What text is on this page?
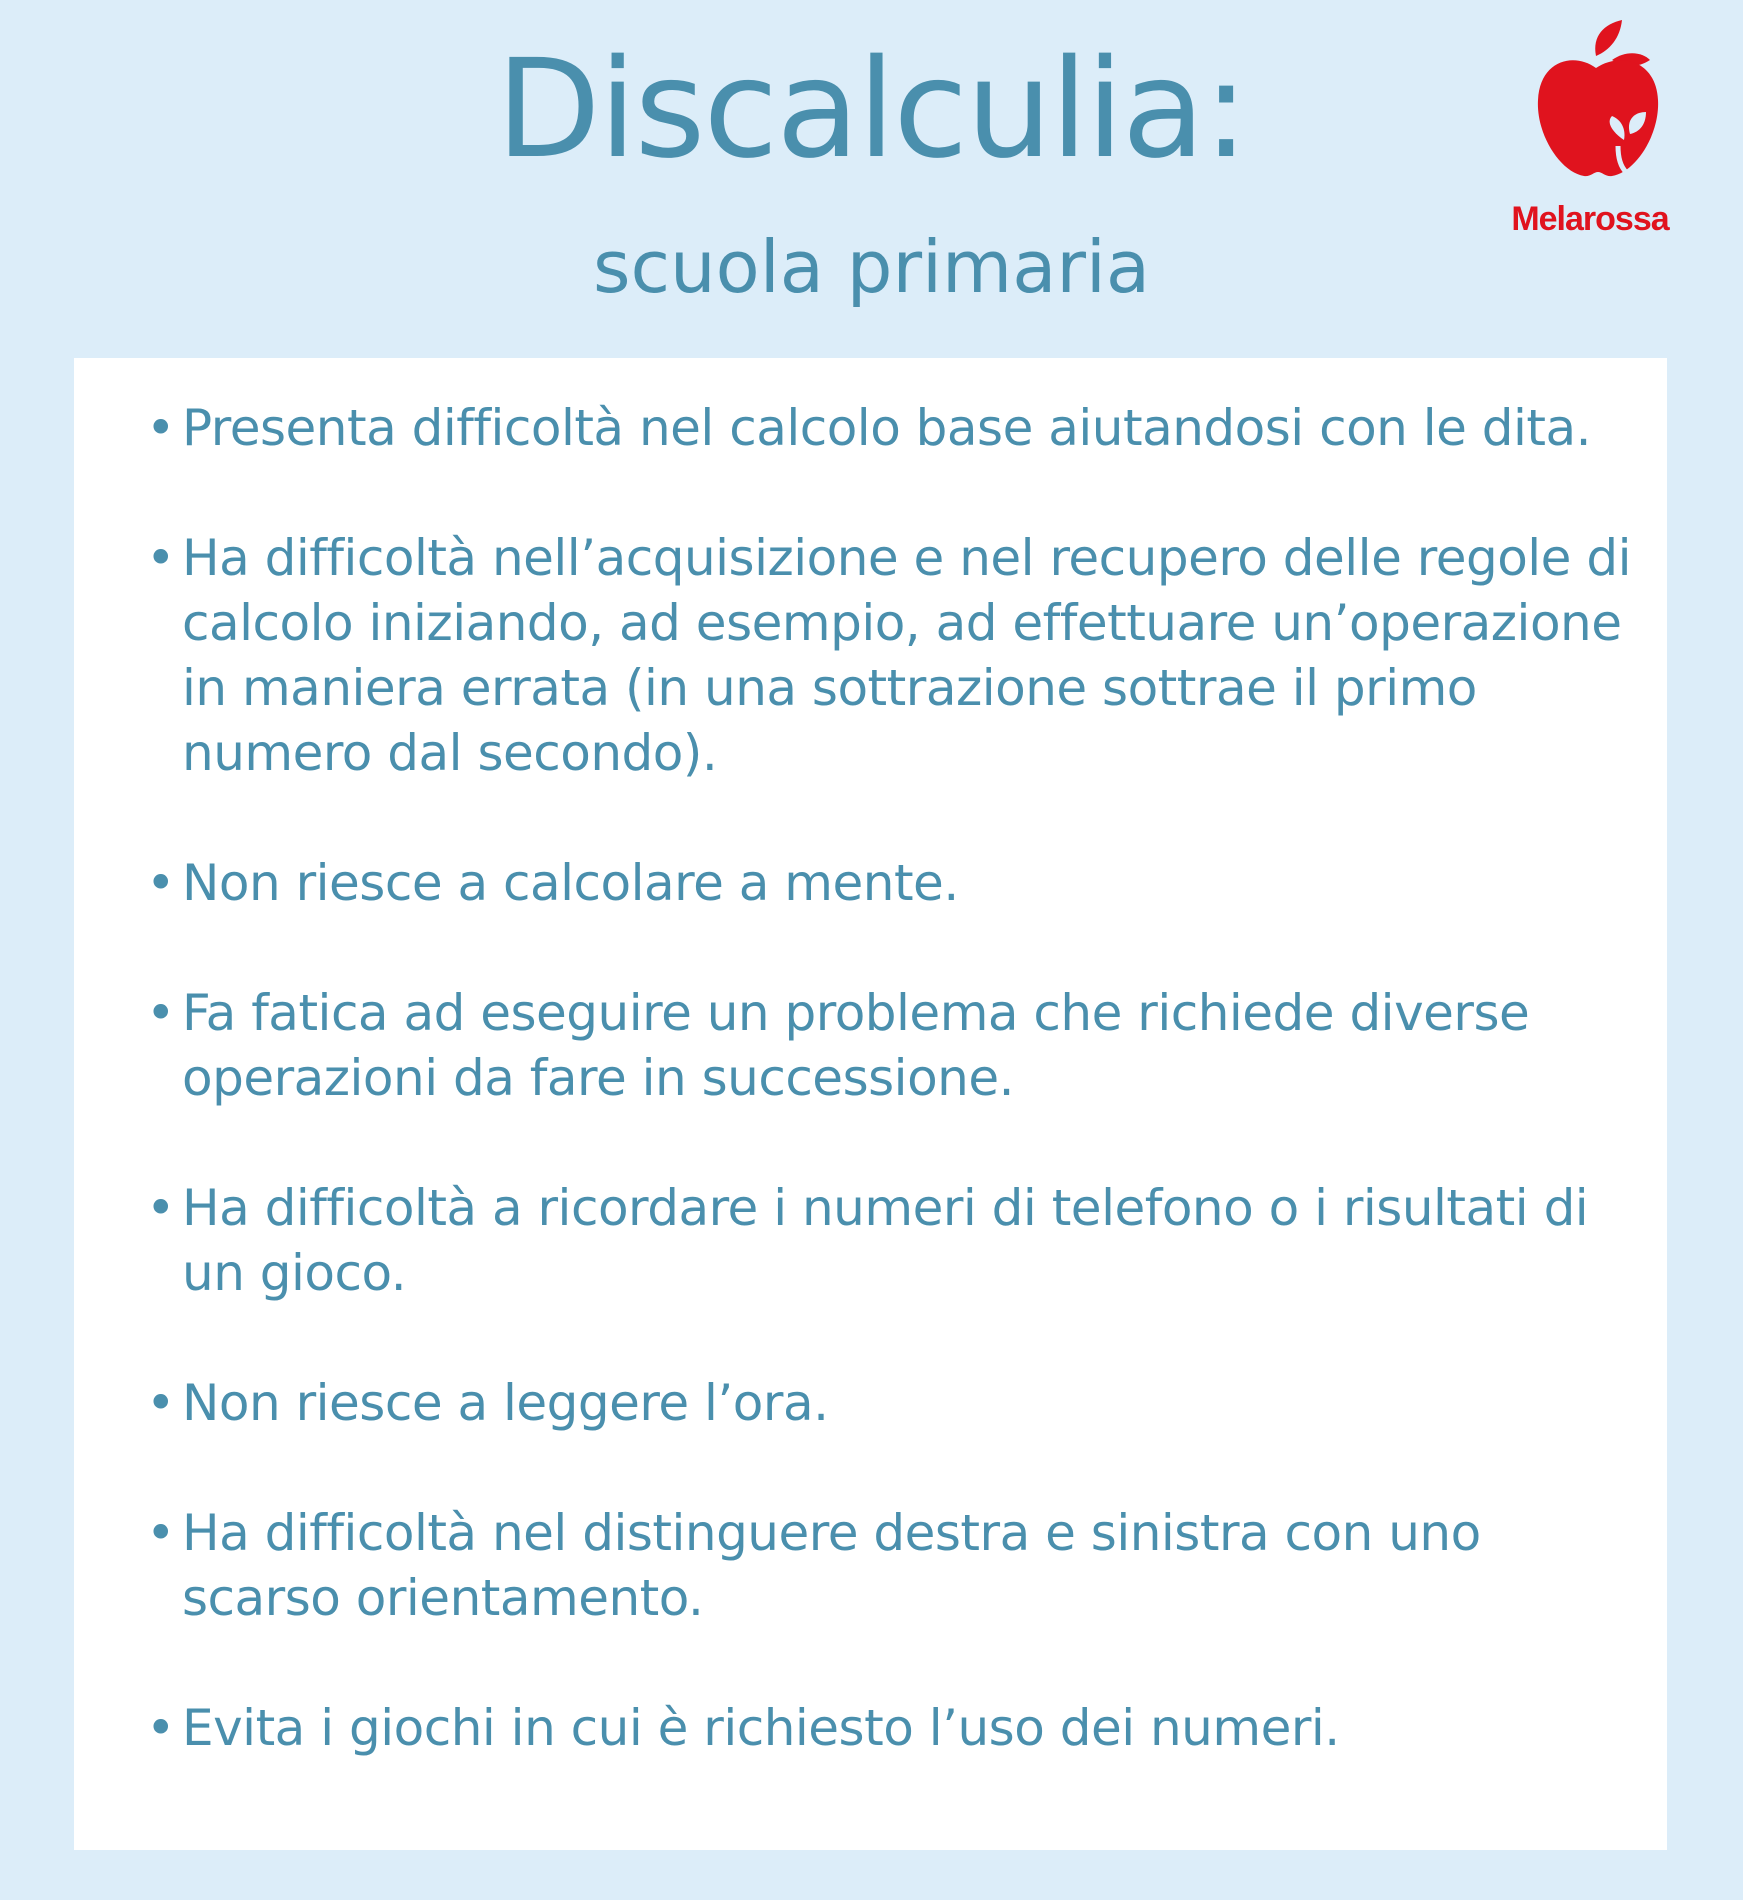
Discalculia:
scuola primaria
Melarossa
• Presenta difficoltà nel calcolo base aiutandosi con le dita.
• Ha difficoltà nell’acquisizione e nel recupero delle regole di calcolo iniziando, ad esempio, ad effettuare un’operazione in maniera errata (in una sottrazione sottrae il primo numero dal secondo).
• Non riesce a calcolare a mente.
• Fa fatica ad eseguire un problema che richiede diverse operazioni da fare in successione.
• Ha difficoltà a ricordare i numeri di telefono o i risultati di un gioco.
• Non riesce a leggere l’ora.
• Ha difficoltà nel distinguere destra e sinistra con uno scarso orientamento.
• Evita i giochi in cui è richiesto l’uso dei numeri.
